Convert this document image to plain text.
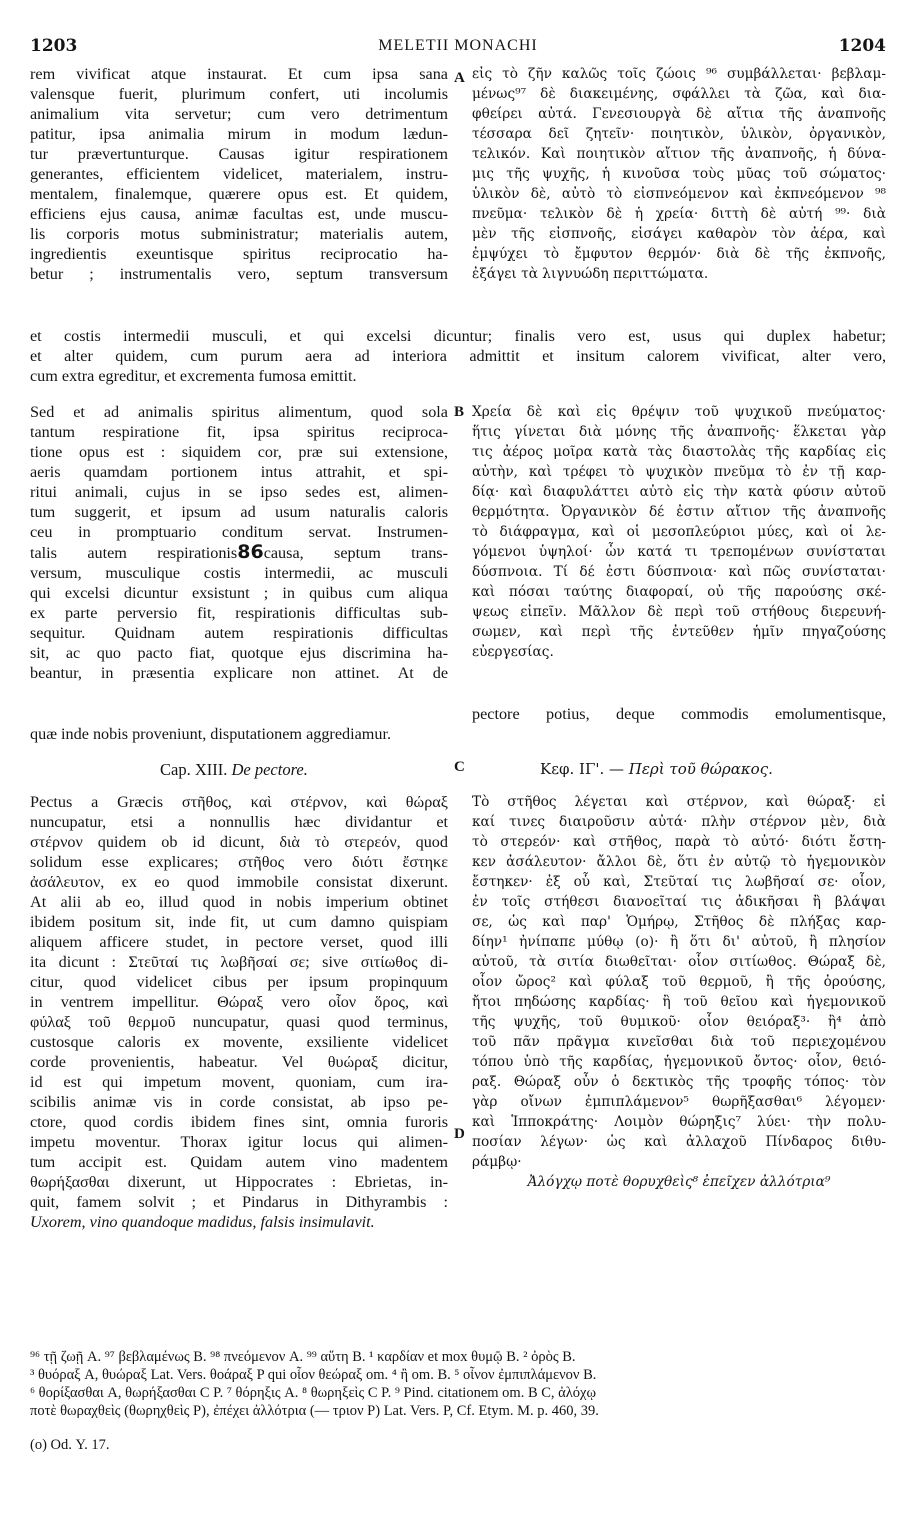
1203	MELETII MONACHI	1204
rem vivificat atque instaurat. Et cum ipsa sana
valensque fuerit, plurimum confert, uti incolumis
animalium vita servetur; cum vero detrimentum
patitur, ipsa animalia mirum in modum lædun-
tur prævertunturque. Causas igitur respirationem
generantes, efficientem videlicet, materialem, instru-
mentalem, finalemque, quærere opus est. Et quidem,
efficiens ejus causa, animæ facultas est, unde muscu-
lis corporis motus subministratur; materialis autem,
ingredientis exeuntisque spiritus reciprocatio ha-
betur ; instrumentalis vero, septum transversum
A εἰς τὸ ζῆν καλῶς τοῖς ζώοις ⁹⁶ συμβάλλεται· βεβλαμ-
μένως⁹⁷ δὲ διακειμένης, σφάλλει τὰ ζῶα, καὶ δια-
φθείρει αὐτά. Γενεσιουργὰ δὲ αἴτια τῆς ἀναπνοῆς
τέσσαρα δεῖ ζητεῖν· ποιητικὸν, ὑλικὸν, ὀργανικὸν,
τελικόν. Καὶ ποιητικὸν αἴτιον τῆς ἀναπνοῆς, ἡ δύνα-
μις τῆς ψυχῆς, ἡ κινοῦσα τοὺς μῦας τοῦ σώματος·
ὑλικὸν δὲ, αὐτὸ τὸ εἰσπνεόμενον καὶ ἐκπνεόμενον ⁹⁸
πνεῦμα· τελικὸν δὲ ἡ χρεία· διττὴ δὲ αὐτή ⁹⁹· διὰ
μὲν τῆς εἰσπνοῆς, εἰσάγει καθαρὸν τὸν ἀέρα, καὶ
ἐμψύχει τὸ ἔμφυτον θερμόν· διὰ δὲ τῆς ἐκπνοῆς,
ἐξάγει τὰ λιγνυώδη περιττώματα.
et costis intermedii musculi, et qui excelsi dicuntur; finalis vero est, usus qui duplex habetur;
et alter quidem, cum purum aera ad interiora admittit et insitum calorem vivificat, alter vero,
cum extra egreditur, et excrementa fumosa emittit.
Sed et ad animalis spiritus alimentum, quod sola
tantum respiratione fit, ipsa spiritus reciproca-
tione opus est : siquidem cor, præ sui extensione,
aeris quamdam portionem intus attrahit, et spi-
ritui animali, cujus in se ipso sedes est, alimen-
tum suggerit, et ipsum ad usum naturalis caloris
ceu in promptuario conditum servat. Instrumen-
talis autem respirationis86causa, septum trans-
versum, musculique costis intermedii, ac musculi
qui excelsi dicuntur exsistunt ; in quibus cum aliqua
ex parte perversio fit, respirationis difficultas sub-
sequitur. Quidnam autem respirationis difficultas
sit, ac quo pacto fiat, quotque ejus discrimina ha-
beantur, in præsentia explicare non attinet. At de
B Χρεία δὲ καὶ εἰς θρέψιν τοῦ ψυχικοῦ πνεύματος·
ἥτις γίνεται διὰ μόνης τῆς ἀναπνοῆς· ἕλκεται γὰρ
τις ἀέρος μοῖρα κατὰ τὰς διαστολὰς τῆς καρδίας εἰς
αὐτὴν, καὶ τρέφει τὸ ψυχικὸν πνεῦμα τὸ ἐν τῇ καρ-
δίᾳ· καὶ διαφυλάττει αὐτὸ εἰς τὴν κατὰ φύσιν αὐτοῦ
θερμότητα. Ὀργανικὸν δέ ἐστιν αἴτιον τῆς ἀναπνοῆς
τὸ διάφραγμα, καὶ οἱ μεσοπλεύριοι μύες, καὶ οἱ λε-
γόμενοι ὑψηλοί· ὧν κατά τι τρεπομένων συνίσταται
δύσπνοια. Τί δέ ἐστι δύσπνοια· καὶ πῶς συνίσταται·
καὶ πόσαι ταύτης διαφοραί, οὐ τῆς παρούσης σκέ-
ψεως εἰπεῖν. Μᾶλλον δὲ περὶ τοῦ στήθους διερευνή-
σωμεν, καὶ περὶ τῆς ἐντεῦθεν ἡμῖν πηγαζούσης
εὐεργεσίας.
pectore potius, deque commodis emolumentisque,
quæ inde nobis proveniunt, disputationem aggrediamur.
Cap. XIII. De pectore.	C	Κεφ. ΙΓ'. — Περὶ τοῦ θώρακος.
Pectus a Græcis στῆθος, καὶ στέρνον, καὶ θώραξ
nuncupatur, etsi a nonnullis hæc dividantur et
στέρνον quidem ob id dicunt, διὰ τὸ στερεόν, quod
solidum esse explicares; στῆθος vero διότι ἔστηκε
ἀσάλευτον, ex eo quod immobile consistat dixerunt.
At alii ab eo, illud quod in nobis imperium obtinet
ibidem positum sit, inde fit, ut cum damno quispiam
aliquem afficere studet, in pectore verset, quod illi
ita dicunt : Στεῦταί τις λωβῆσαί σε; sive σιτίωθος di-
citur, quod videlicet cibus per ipsum propinquum
in ventrem impellitur. Θώραξ vero οἷον ὅρος, καὶ
φύλαξ τοῦ θερμοῦ nuncupatur, quasi quod terminus,
custosque caloris ex movente, exsiliente videlicet
corde provenientis, habeatur. Vel θυώραξ dicitur,
id est qui impetum movent, quoniam, cum ira-
scibilis animæ vis in corde consistat, ab ipso pe-
ctore, quod cordis ibidem fines sint, omnia furoris
impetu moventur. Thorax igitur locus qui alimen-
tum accipit est. Quidam autem vino madentem
θωρήξασθαι dixerunt, ut Hippocrates : Ebrietas, in-
quit, famem solvit ; et Pindarus in Dithyrambis :
Uxorem, vino quandoque madidus, falsis insimulavit.
D
Τὸ στῆθος λέγεται καὶ στέρνον, καὶ θώραξ· εἰ
καί τινες διαιροῦσιν αὐτά· πλὴν στέρνον μὲν, διὰ
τὸ στερεόν· καὶ στῆθος, παρὰ τὸ αὐτό· διότι ἔστη-
κεν ἀσάλευτον· ἄλλοι δὲ, ὅτι ἐν αὐτῷ τὸ ἡγεμονικὸν
ἔστηκεν· ἐξ οὗ καὶ, Στεῦταί τις λωβῆσαί σε· οἷον,
ἐν τοῖς στήθεσι διανοεῖταί τις ἀδικῆσαι ἢ βλάψαι
σε, ὡς καὶ παρ' Ὁμήρῳ, Στῆθος δὲ πλήξας καρ-
δίην¹ ἠνίπαπε μύθῳ (o)· ἢ ὅτι δι' αὐτοῦ, ἢ πλησίον
αὐτοῦ, τὰ σιτία διωθεῖται· οἷον σιτίωθος. Θώραξ δὲ,
οἷον ὤρος² καὶ φύλαξ τοῦ θερμοῦ, ἢ τῆς ὀρούσης,
ἤτοι πηδώσης καρδίας· ἢ τοῦ θεῖου καὶ ἡγεμονικοῦ
τῆς ψυχῆς, τοῦ θυμικοῦ· οἷον θειόραξ³· ἢ⁴ ἀπὸ
τοῦ πᾶν πρᾶγμα κινεῖσθαι διὰ τοῦ περιεχομένου
τόπου ὑπὸ τῆς καρδίας, ἡγεμονικοῦ ὄντος· οἷον, θειό-
ραξ. Θώραξ οὖν ὁ δεκτικὸς τῆς τροφῆς τόπος· τὸν
γὰρ οἴνων ἐμπιπλάμενον⁵ θωρῆξασθαι⁶ λέγομεν·
καὶ Ἱπποκράτης· Λοιμὸν θώρηξις⁷ λύει· τὴν πολυ-
ποσίαν λέγων· ὡς καὶ ἀλλαχοῦ Πίνδαρος διθυ-
ράμβῳ·
Ἀλόγχῳ ποτὲ θορυχθεὶς⁸ ἐπεῖχεν ἀλλότρια⁹
⁹⁶ τῇ ζωῇ A. ⁹⁷ βεβλαμένως B. ⁹⁸ πνεόμενον A. ⁹⁹ αὕτη B. ¹ καρδίαν et mox θυμῷ B. ² ὀρὸς B.
³ θυόραξ A, θυώραξ Lat. Vers. θοάραξ P qui οἷον θεώραξ om. ⁴ ἢ om. B. ⁵ οἶνον ἐμπιπλάμενον B.
⁶ θορίξασθαι A, θωρήξασθαι C P. ⁷ θόρηξις A. ⁸ θωρηξεὶς C P. ⁹ Pind. citationem om. B C, ἀλόχῳ
ποτὲ θωραχθεὶς (θωρηχθεὶς P), ἐπέχει ἀλλότρια (— τριον P) Lat. Vers. P, Cf. Etym. M. p. 460, 39.
(o) Od. Υ. 17.
